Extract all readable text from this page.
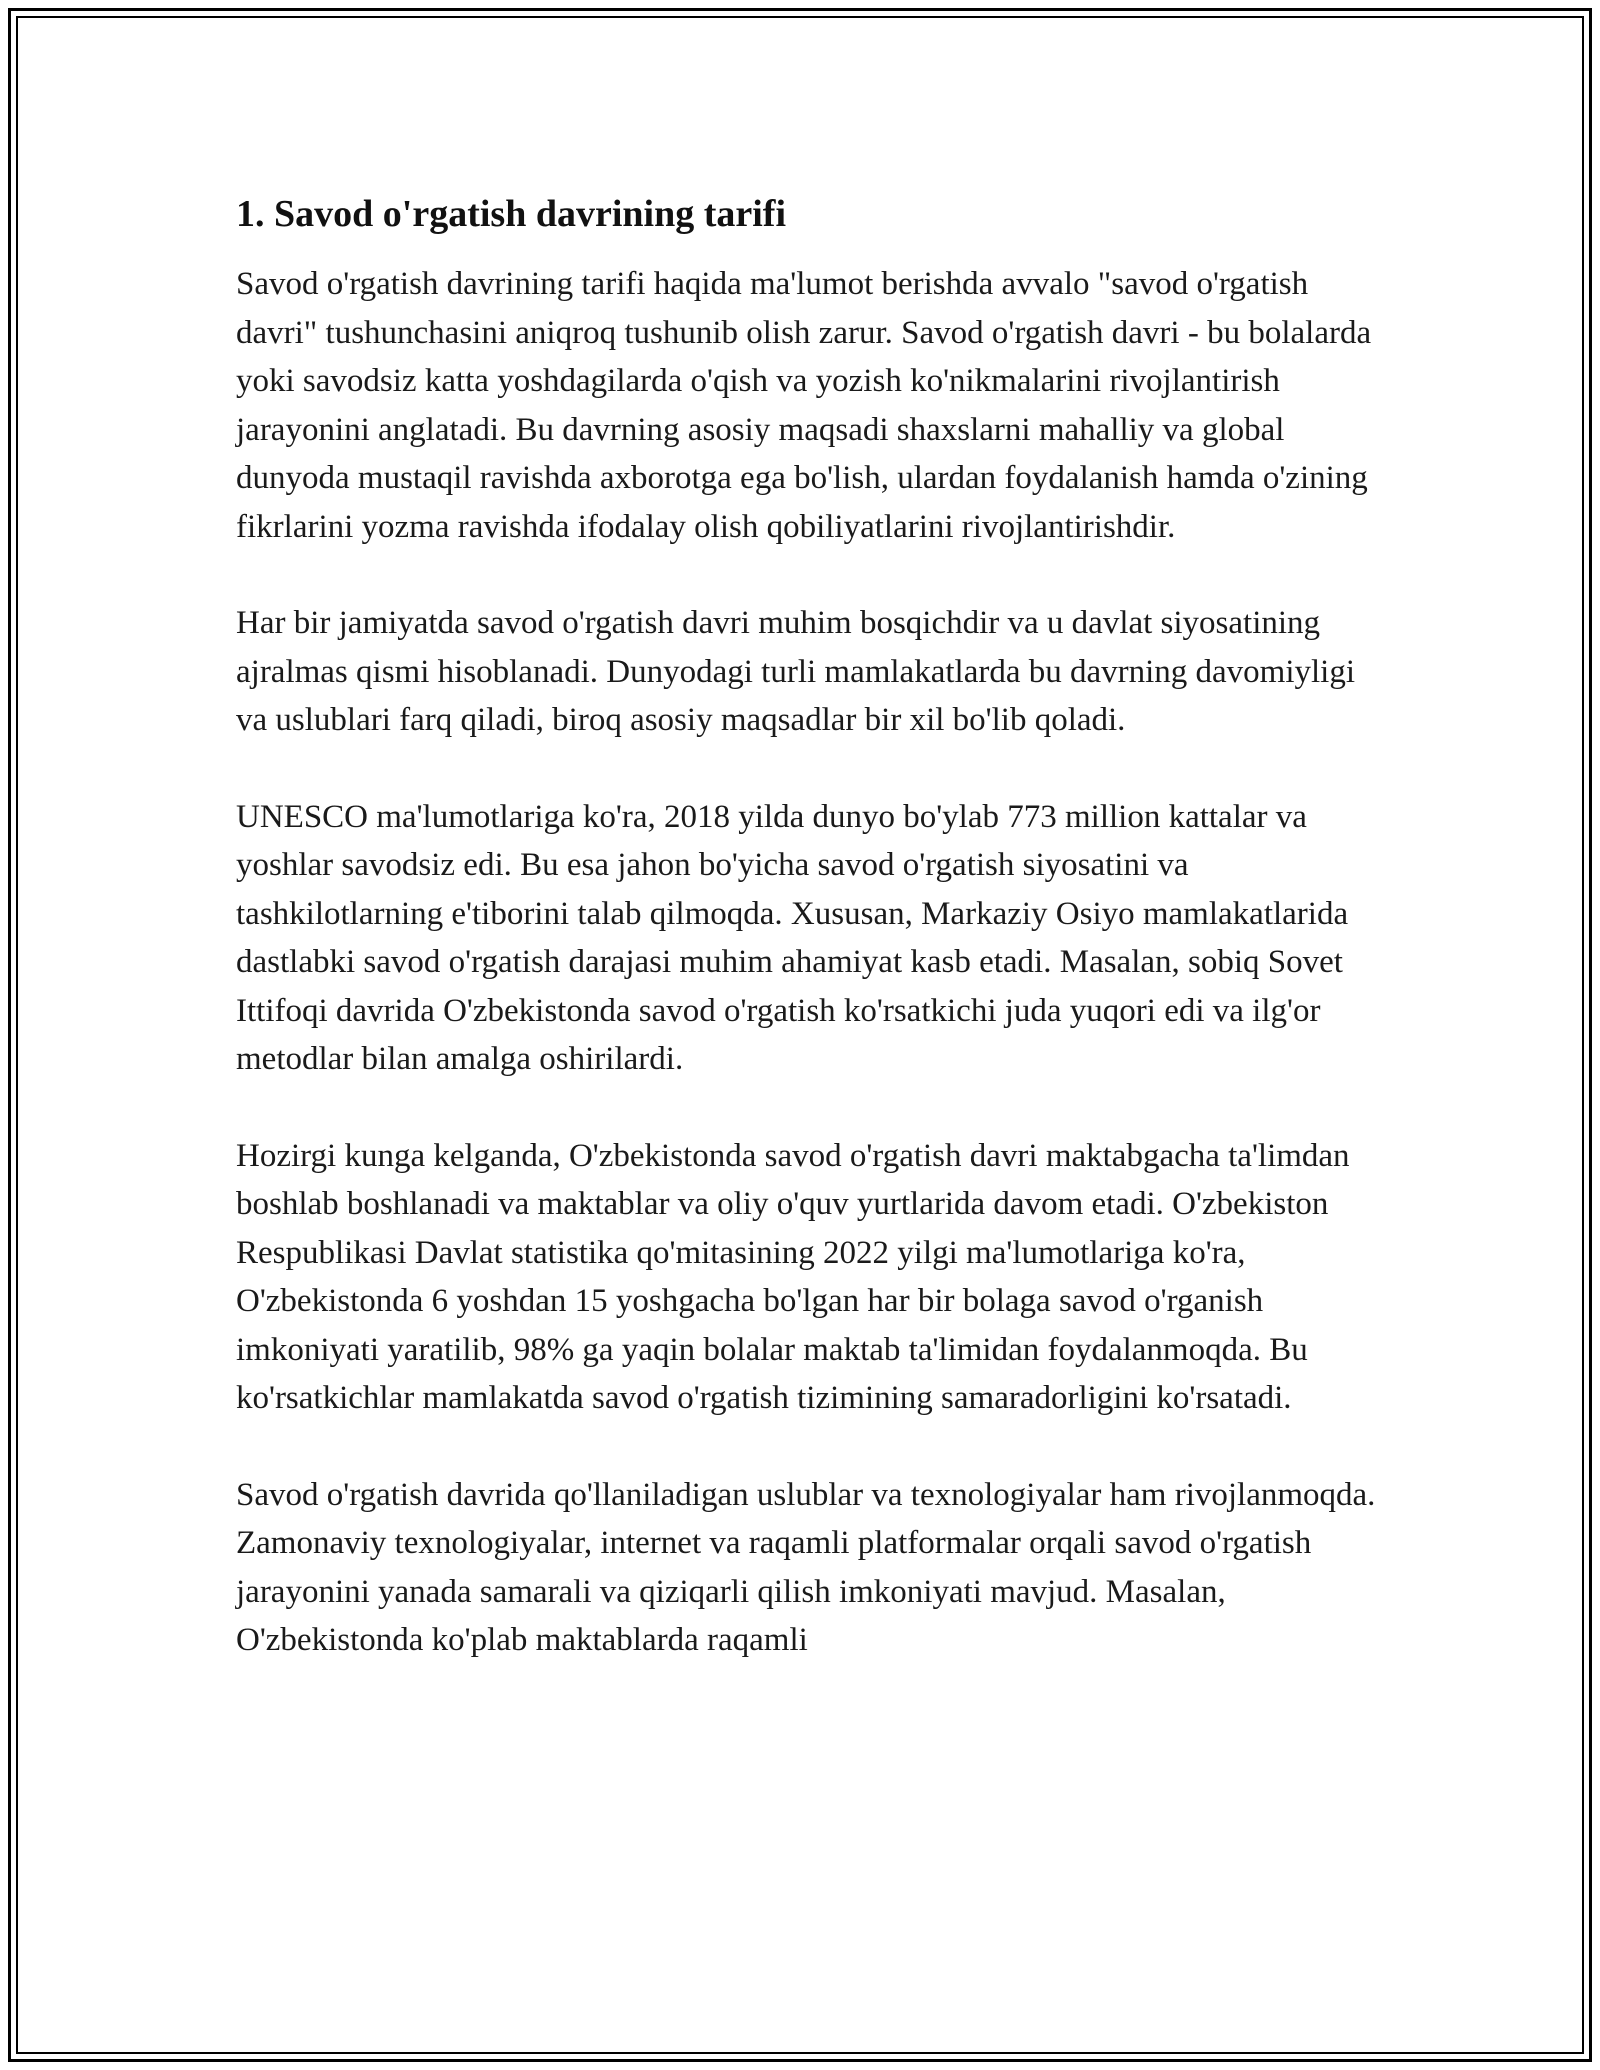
1. Savod o'rgatish davrining tarifi

Savod o'rgatish davrining tarifi haqida ma'lumot berishda avvalo "savod o'rgatish davri" tushunchasini aniqroq tushunib olish zarur. Savod o'rgatish davri - bu bolalarda yoki savodsiz katta yoshdagilarda o'qish va yozish ko'nikmalarini rivojlantirish jarayonini anglatadi. Bu davrning asosiy maqsadi shaxslarni mahalliy va global dunyoda mustaqil ravishda axborotga ega bo'lish, ulardan foydalanish hamda o'zining fikrlarini yozma ravishda ifodalay olish qobiliyatlarini rivojlantirishdir.

Har bir jamiyatda savod o'rgatish davri muhim bosqichdir va u davlat siyosatining ajralmas qismi hisoblanadi. Dunyodagi turli mamlakatlarda bu davrning davomiyligi va uslublari farq qiladi, biroq asosiy maqsadlar bir xil bo'lib qoladi.

UNESCO ma'lumotlariga ko'ra, 2018 yilda dunyo bo'ylab 773 million kattalar va yoshlar savodsiz edi. Bu esa jahon bo'yicha savod o'rgatish siyosatini va tashkilotlarning e'tiborini talab qilmoqda. Xususan, Markaziy Osiyo mamlakatlarida dastlabki savod o'rgatish darajasi muhim ahamiyat kasb etadi. Masalan, sobiq Sovet Ittifoqi davrida O'zbekistonda savod o'rgatish ko'rsatkichi juda yuqori edi va ilg'or metodlar bilan amalga oshirilardi.

Hozirgi kunga kelganda, O'zbekistonda savod o'rgatish davri maktabgacha ta'limdan boshlab boshlanadi va maktablar va oliy o'quv yurtlarida davom etadi. O'zbekiston Respublikasi Davlat statistika qo'mitasining 2022 yilgi ma'lumotlariga ko'ra, O'zbekistonda 6 yoshdan 15 yoshgacha bo'lgan har bir bolaga savod o'rganish imkoniyati yaratilib, 98% ga yaqin bolalar maktab ta'limidan foydalanmoqda. Bu ko'rsatkichlar mamlakatda savod o'rgatish tizimining samaradorligini ko'rsatadi.

Savod o'rgatish davrida qo'llaniladigan uslublar va texnologiyalar ham rivojlanmoqda. Zamonaviy texnologiyalar, internet va raqamli platformalar orqali savod o'rgatish jarayonini yanada samarali va qiziqarli qilish imkoniyati mavjud. Masalan, O'zbekistonda ko'plab maktablarda raqamli
